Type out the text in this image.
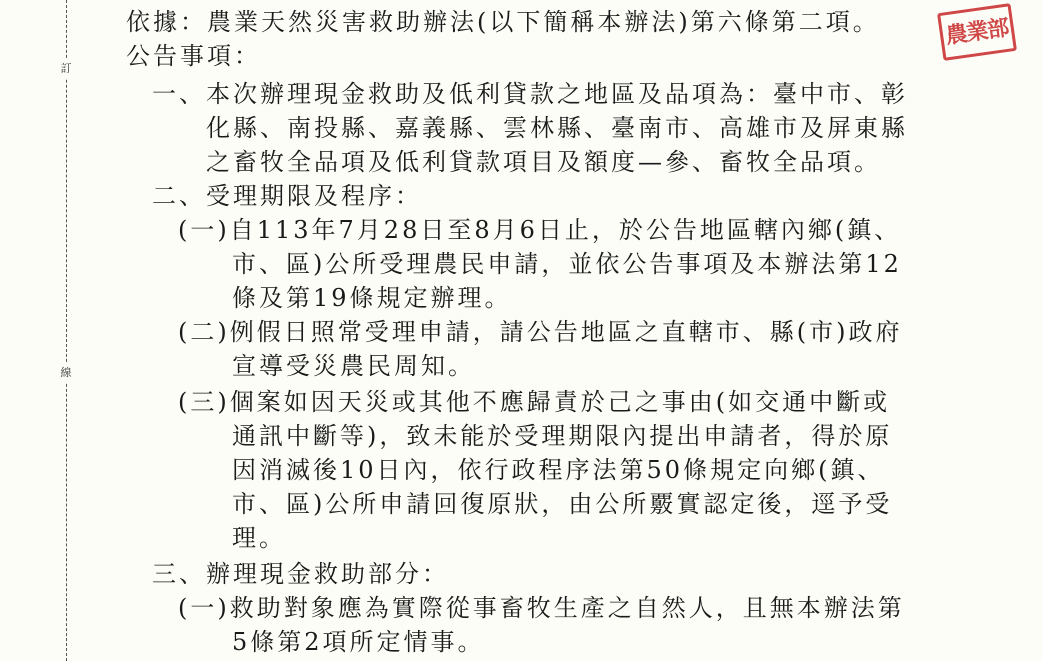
訂
線
農業部
依據：農業天然災害救助辦法(以下簡稱本辦法)第六條第二項。
公告事項：
一、本次辦理現金救助及低利貸款之地區及品項為：臺中市、彰
化縣、南投縣、嘉義縣、雲林縣、臺南市、高雄市及屏東縣
之畜牧全品項及低利貸款項目及額度—參、畜牧全品項。
二、受理期限及程序：
(一)自113年7月28日至8月6日止，於公告地區轄內鄉(鎮、
市、區)公所受理農民申請，並依公告事項及本辦法第12
條及第19條規定辦理。
(二)例假日照常受理申請，請公告地區之直轄市、縣(市)政府
宣導受災農民周知。
(三)個案如因天災或其他不應歸責於己之事由(如交通中斷或
通訊中斷等)，致未能於受理期限內提出申請者，得於原
因消滅後10日內，依行政程序法第50條規定向鄉(鎮、
市、區)公所申請回復原狀，由公所覈實認定後，逕予受
理。
三、辦理現金救助部分：
(一)救助對象應為實際從事畜牧生產之自然人，且無本辦法第
5條第2項所定情事。
